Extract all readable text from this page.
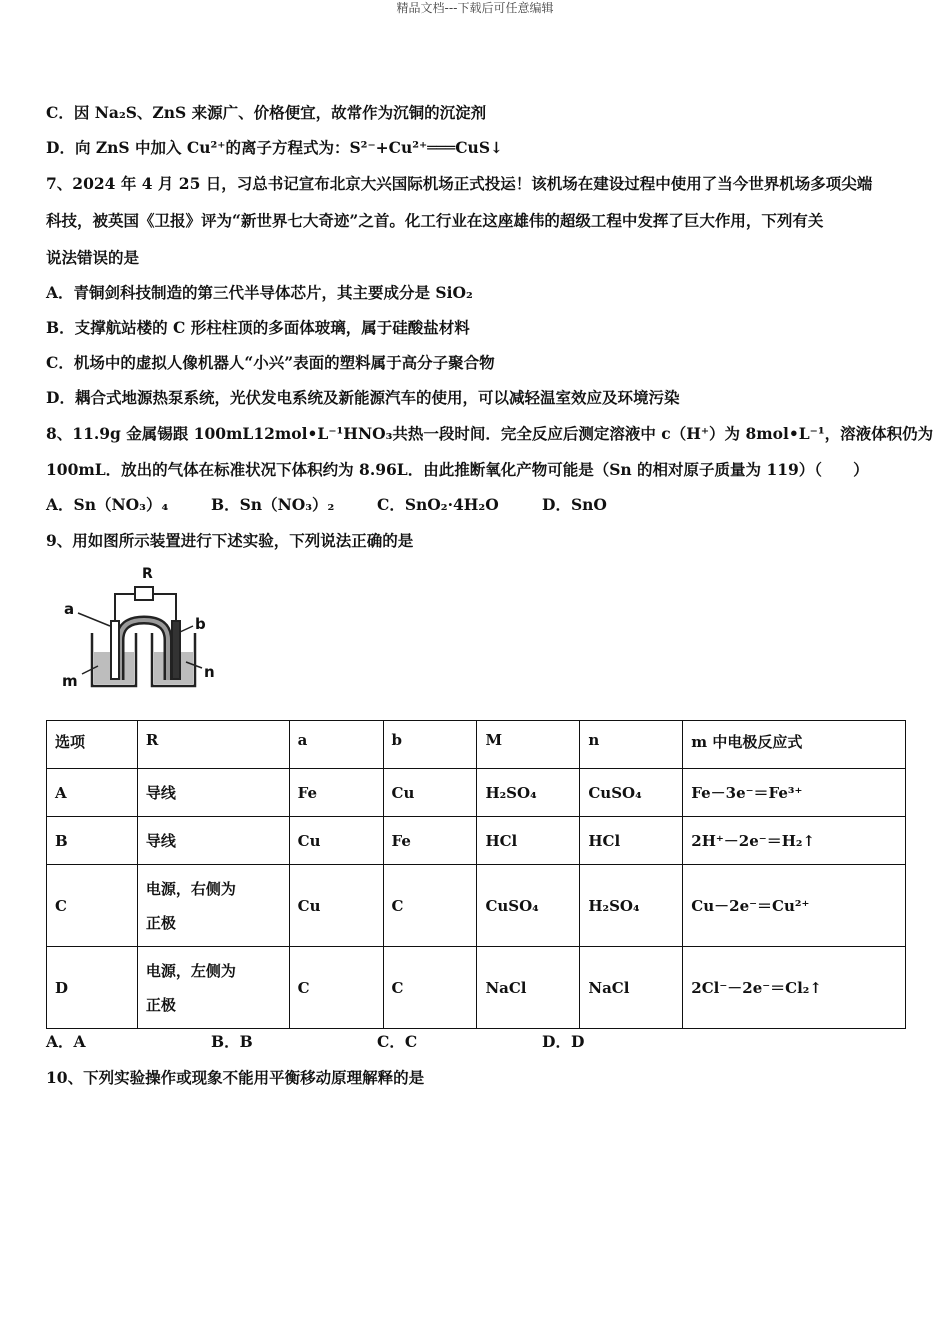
精品文档---下载后可任意编辑
C．因 Na₂S、ZnS 来源广、价格便宜，故常作为沉铜的沉淀剂
D．向 ZnS 中加入 Cu²⁺的离子方程式为：S²⁻+Cu²⁺═══CuS↓
7、2024 年 4 月 25 日，习总书记宣布北京大兴国际机场正式投运！该机场在建设过程中使用了当今世界机场多项尖端
科技，被英国《卫报》评为“新世界七大奇迹”之首。化工行业在这座雄伟的超级工程中发挥了巨大作用，下列有关
说法错误的是
A．青铜剑科技制造的第三代半导体芯片，其主要成分是 SiO₂
B．支撑航站楼的 C 形柱柱顶的多面体玻璃，属于硅酸盐材料
C．机场中的虚拟人像机器人“小兴”表面的塑料属于高分子聚合物
D．耦合式地源热泵系统，光伏发电系统及新能源汽车的使用，可以减轻温室效应及环境污染
8、11.9g 金属锡跟 100mL12mol•L⁻¹HNO₃共热一段时间．完全反应后测定溶液中 c（H⁺）为 8mol•L⁻¹，溶液体积仍为
100mL．放出的气体在标准状况下体积约为 8.96L．由此推断氧化产物可能是（Sn 的相对原子质量为 119）（　　）
A．Sn（NO₃）₄	B．Sn（NO₃）₂	C．SnO₂·4H₂O	D．SnO
9、用如图所示装置进行下述实验，下列说法正确的是
R
a
b
m	n
选项	R	a	b	M	n	m 中电极反应式
A	导线	Fe	Cu	H₂SO₄	CuSO₄	Fe－3e⁻＝Fe³⁺
B	导线	Cu	Fe	HCl	HCl	2H⁺－2e⁻＝H₂↑
C	电源，右侧为
正极	Cu	C	CuSO₄	H₂SO₄	Cu－2e⁻＝Cu²⁺
D	电源，左侧为
正极	C	C	NaCl	NaCl	2Cl⁻－2e⁻＝Cl₂↑
A．A	B．B	C．C	D．D
10、下列实验操作或现象不能用平衡移动原理解释的是
